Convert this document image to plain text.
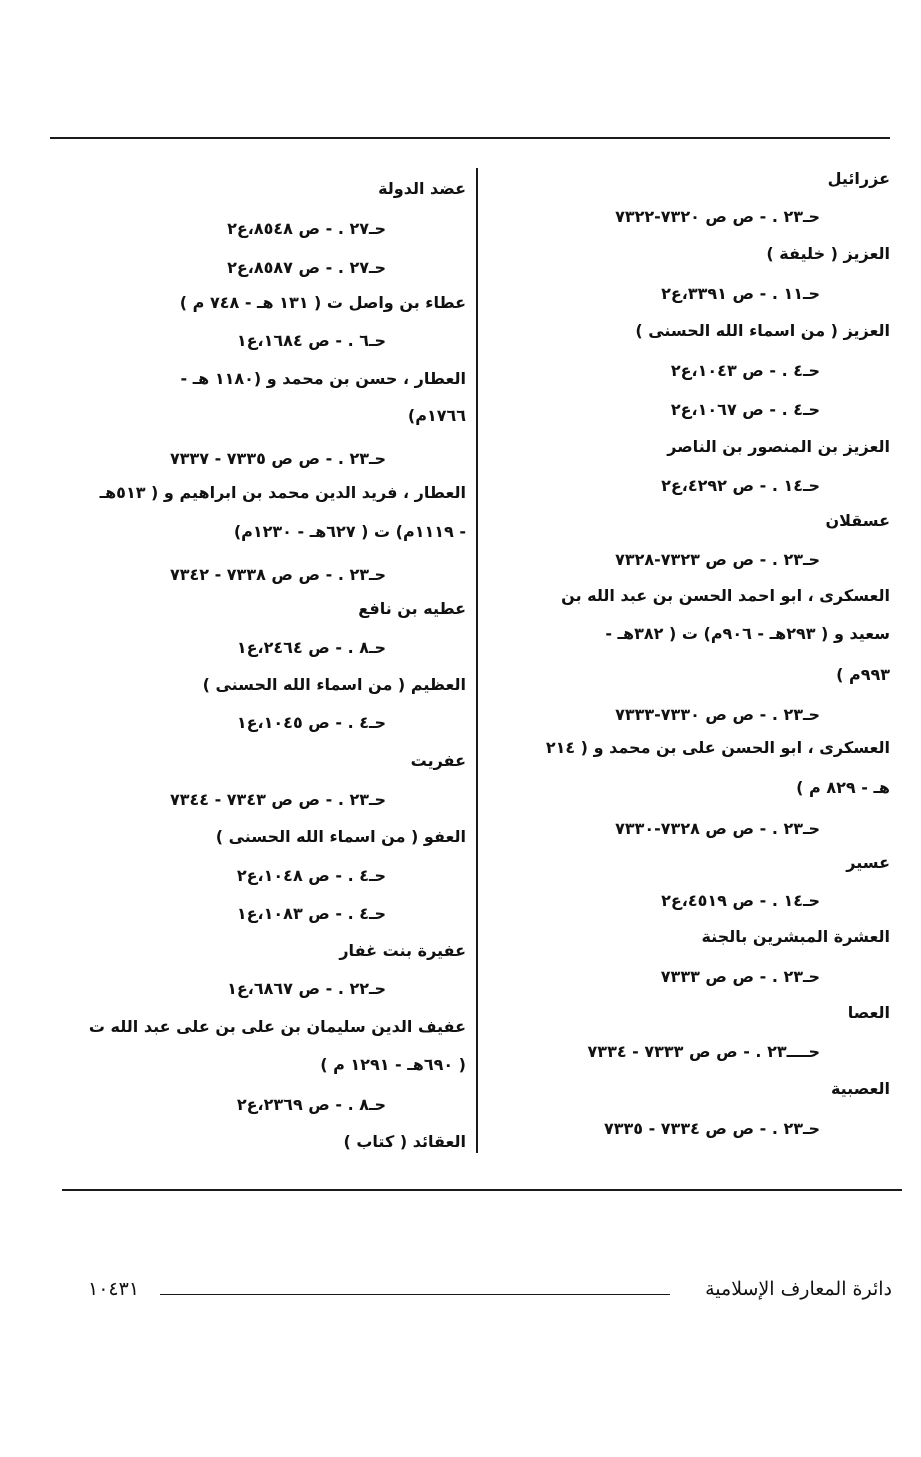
عزرائيل
حـ٢٣ . - ص ص ٧٣٢٠-٧٣٢٢
العزيز ( خليفة )
حـ١١ . - ص ٣٣٩١،ع٢
العزيز ( من اسماء الله الحسنى )
حـ٤ . - ص ١٠٤٣،ع٢
حـ٤ . - ص ١٠٦٧،ع٢
العزيز بن المنصور بن الناصر
حـ١٤ . - ص ٤٢٩٢،ع٢
عسقلان
حـ٢٣ . - ص ص ٧٣٢٣-٧٣٢٨
العسكرى ، ابو احمد الحسن بن عبد الله بن
سعيد و ( ٢٩٣هـ - ٩٠٦م) ت ( ٣٨٢هـ -
٩٩٣م )
حـ٢٣ . - ص ص ٧٣٣٠-٧٣٣٣
العسكرى ، ابو الحسن على بن محمد و ( ٢١٤
هـ - ٨٢٩ م )
حـ٢٣ . - ص ص ٧٣٢٨-٧٣٣٠
عسير
حـ١٤ . - ص ٤٥١٩،ع٢
العشرة المبشرين بالجنة
حـ٢٣ . - ص ص ٧٣٣٣
العصا
حـ‍‍ـــ٢٣ . - ص ص ٧٣٣٣ - ٧٣٣٤
العصبية
حـ٢٣ . - ص ص ٧٣٣٤ - ٧٣٣٥
عضد الدولة
حـ٢٧ . - ص ٨٥٤٨،ع٢
حـ٢٧ . - ص ٨٥٨٧،ع٢
عطاء بن واصل ت ( ١٣١ هـ - ٧٤٨ م )
حـ٦ . - ص ١٦٨٤،ع١
العطار ، حسن بن محمد و (١١٨٠ هـ -
١٧٦٦م)
حـ٢٣ . - ص ص ٧٣٣٥ - ٧٣٣٧
العطار ، فريد الدين محمد بن ابراهيم و ( ٥١٣هـ
- ١١١٩م) ت ( ٦٢٧هـ - ١٢٣٠م)
حـ٢٣ . - ص ص ٧٣٣٨ - ٧٣٤٢
عطيه بن نافع
حـ٨ . - ص ٢٤٦٤،ع١
العظيم ( من اسماء الله الحسنى )
حـ٤ . - ص ١٠٤٥،ع١
عفريت
حـ٢٣ . - ص ص ٧٣٤٣ - ٧٣٤٤
العفو ( من اسماء الله الحسنى )
حـ٤ . - ص ١٠٤٨،ع٢
حـ٤ . - ص ١٠٨٣،ع١
عفيرة بنت غفار
حـ٢٢ . - ص ٦٨٦٧،ع١
عفيف الدين سليمان بن على بن على عبد الله ت
( ٦٩٠هـ - ١٢٩١ م )
حـ٨ . - ص ٢٣٦٩،ع٢
العقائد ( كتاب )
دائرة المعارف الإسلامية
١٠٤٣١
